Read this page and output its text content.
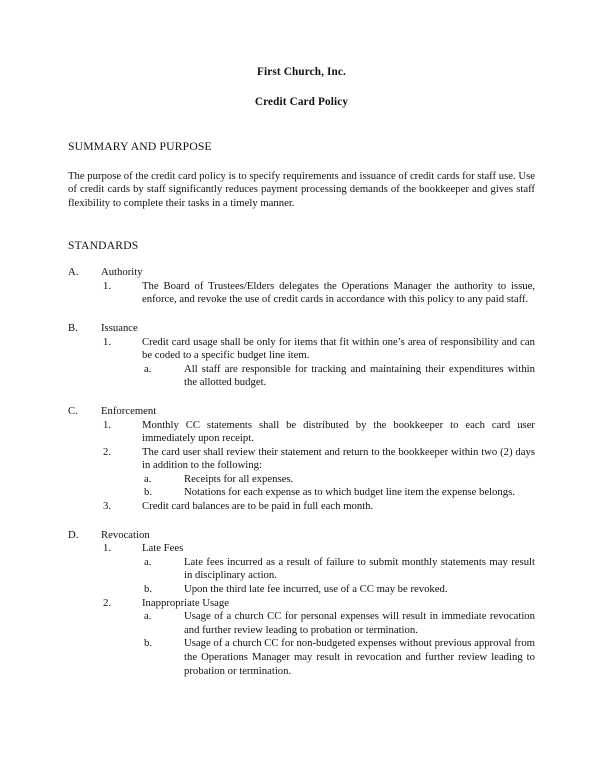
First Church, Inc.
Credit Card Policy
SUMMARY AND PURPOSE
The purpose of the credit card policy is to specify requirements and issuance of credit cards for staff use. Use of credit cards by staff significantly reduces payment processing demands of the bookkeeper and gives staff flexibility to complete their tasks in a timely manner.
STANDARDS
A.	Authority
1.	The Board of Trustees/Elders delegates the Operations Manager the authority to issue, enforce, and revoke the use of credit cards in accordance with this policy to any paid staff.
B.	Issuance
1.	Credit card usage shall be only for items that fit within one’s area of responsibility and can be coded to a specific budget line item.
a.	All staff are responsible for tracking and maintaining their expenditures within the allotted budget.
C.	Enforcement
1.	Monthly CC statements shall be distributed by the bookkeeper to each card user immediately upon receipt.
2.	The card user shall review their statement and return to the bookkeeper within two (2) days in addition to the following:
a.	Receipts for all expenses.
b.	Notations for each expense as to which budget line item the expense belongs.
3.	Credit card balances are to be paid in full each month.
D.	Revocation
1.	Late Fees
a.	Late fees incurred as a result of failure to submit monthly statements may result in disciplinary action.
b.	Upon the third late fee incurred, use of a CC may be revoked.
2.	Inappropriate Usage
a.	Usage of a church CC for personal expenses will result in immediate revocation and further review leading to probation or termination.
b.	Usage of a church CC for non-budgeted expenses without previous approval from the Operations Manager may result in revocation and further review leading to probation or termination.
